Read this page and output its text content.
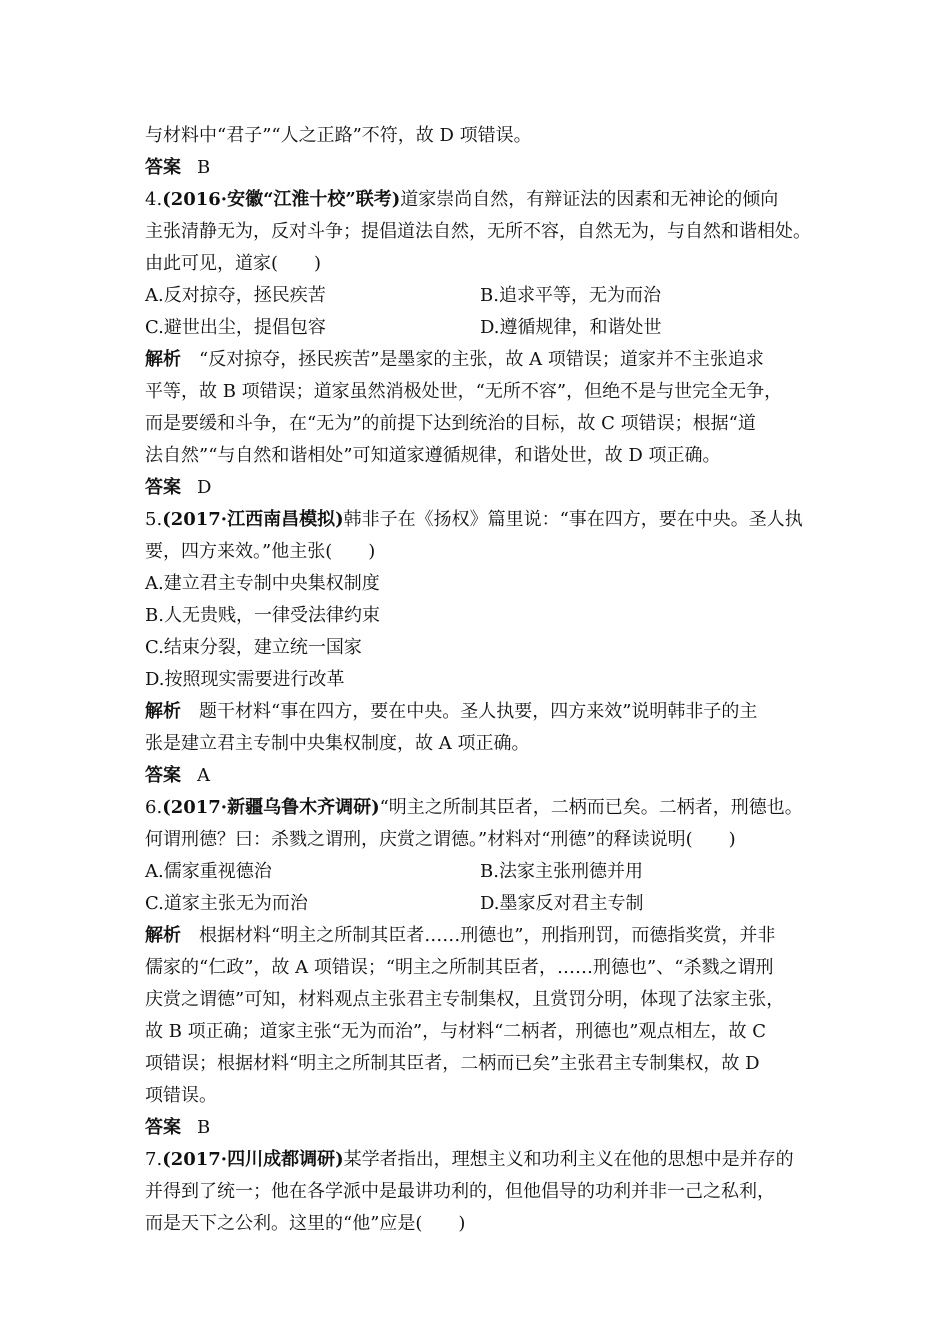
与材料中“君子”“人之正路”不符，故 D 项错误。
答案 B
4.(2016·安徽“江淮十校”联考)道家崇尚自然，有辩证法的因素和无神论的倾向
主张清静无为，反对斗争；提倡道法自然，无所不容，自然无为，与自然和谐相处。
由此可见，道家(　　)
A.反对掠夺，拯民疾苦	B.追求平等，无为而治
C.避世出尘，提倡包容	D.遵循规律，和谐处世
解析　 “反对掠夺，拯民疾苦”是墨家的主张，故 A 项错误；道家并不主张追求
平等，故 B 项错误；道家虽然消极处世，“无所不容”，但绝不是与世完全无争，
而是要缓和斗争，在“无为”的前提下达到统治的目标，故 C 项错误；根据“道
法自然”“与自然和谐相处”可知道家遵循规律，和谐处世，故 D 项正确。
答案 D
5.(2017·江西南昌模拟)韩非子在《扬权》篇里说：“事在四方，要在中央。圣人执
要，四方来效。”他主张(　　)
A.建立君主专制中央集权制度
B.人无贵贱，一律受法律约束
C.结束分裂，建立统一国家
D.按照现实需要进行改革
解析　 题干材料“事在四方，要在中央。圣人执要，四方来效”说明韩非子的主
张是建立君主专制中央集权制度，故 A 项正确。
答案 A
6.(2017·新疆乌鲁木齐调研)“明主之所制其臣者，二柄而已矣。二柄者，刑德也。
何谓刑德？曰：杀戮之谓刑，庆赏之谓德。”材料对“刑德”的释读说明(　　)
A.儒家重视德治	B.法家主张刑德并用
C.道家主张无为而治	D.墨家反对君主专制
解析　 根据材料“明主之所制其臣者……刑德也”，刑指刑罚，而德指奖赏，并非
儒家的“仁政”，故 A 项错误；“明主之所制其臣者，……刑德也”、“杀戮之谓刑
庆赏之谓德”可知，材料观点主张君主专制集权，且赏罚分明，体现了法家主张，
故 B 项正确；道家主张“无为而治”，与材料“二柄者，刑德也”观点相左，故 C
项错误；根据材料“明主之所制其臣者，二柄而已矣”主张君主专制集权，故 D
项错误。
答案 B
7.(2017·四川成都调研)某学者指出，理想主义和功利主义在他的思想中是并存的
并得到了统一；他在各学派中是最讲功利的，但他倡导的功利并非一己之私利，
而是天下之公利。这里的“他”应是(　　)
